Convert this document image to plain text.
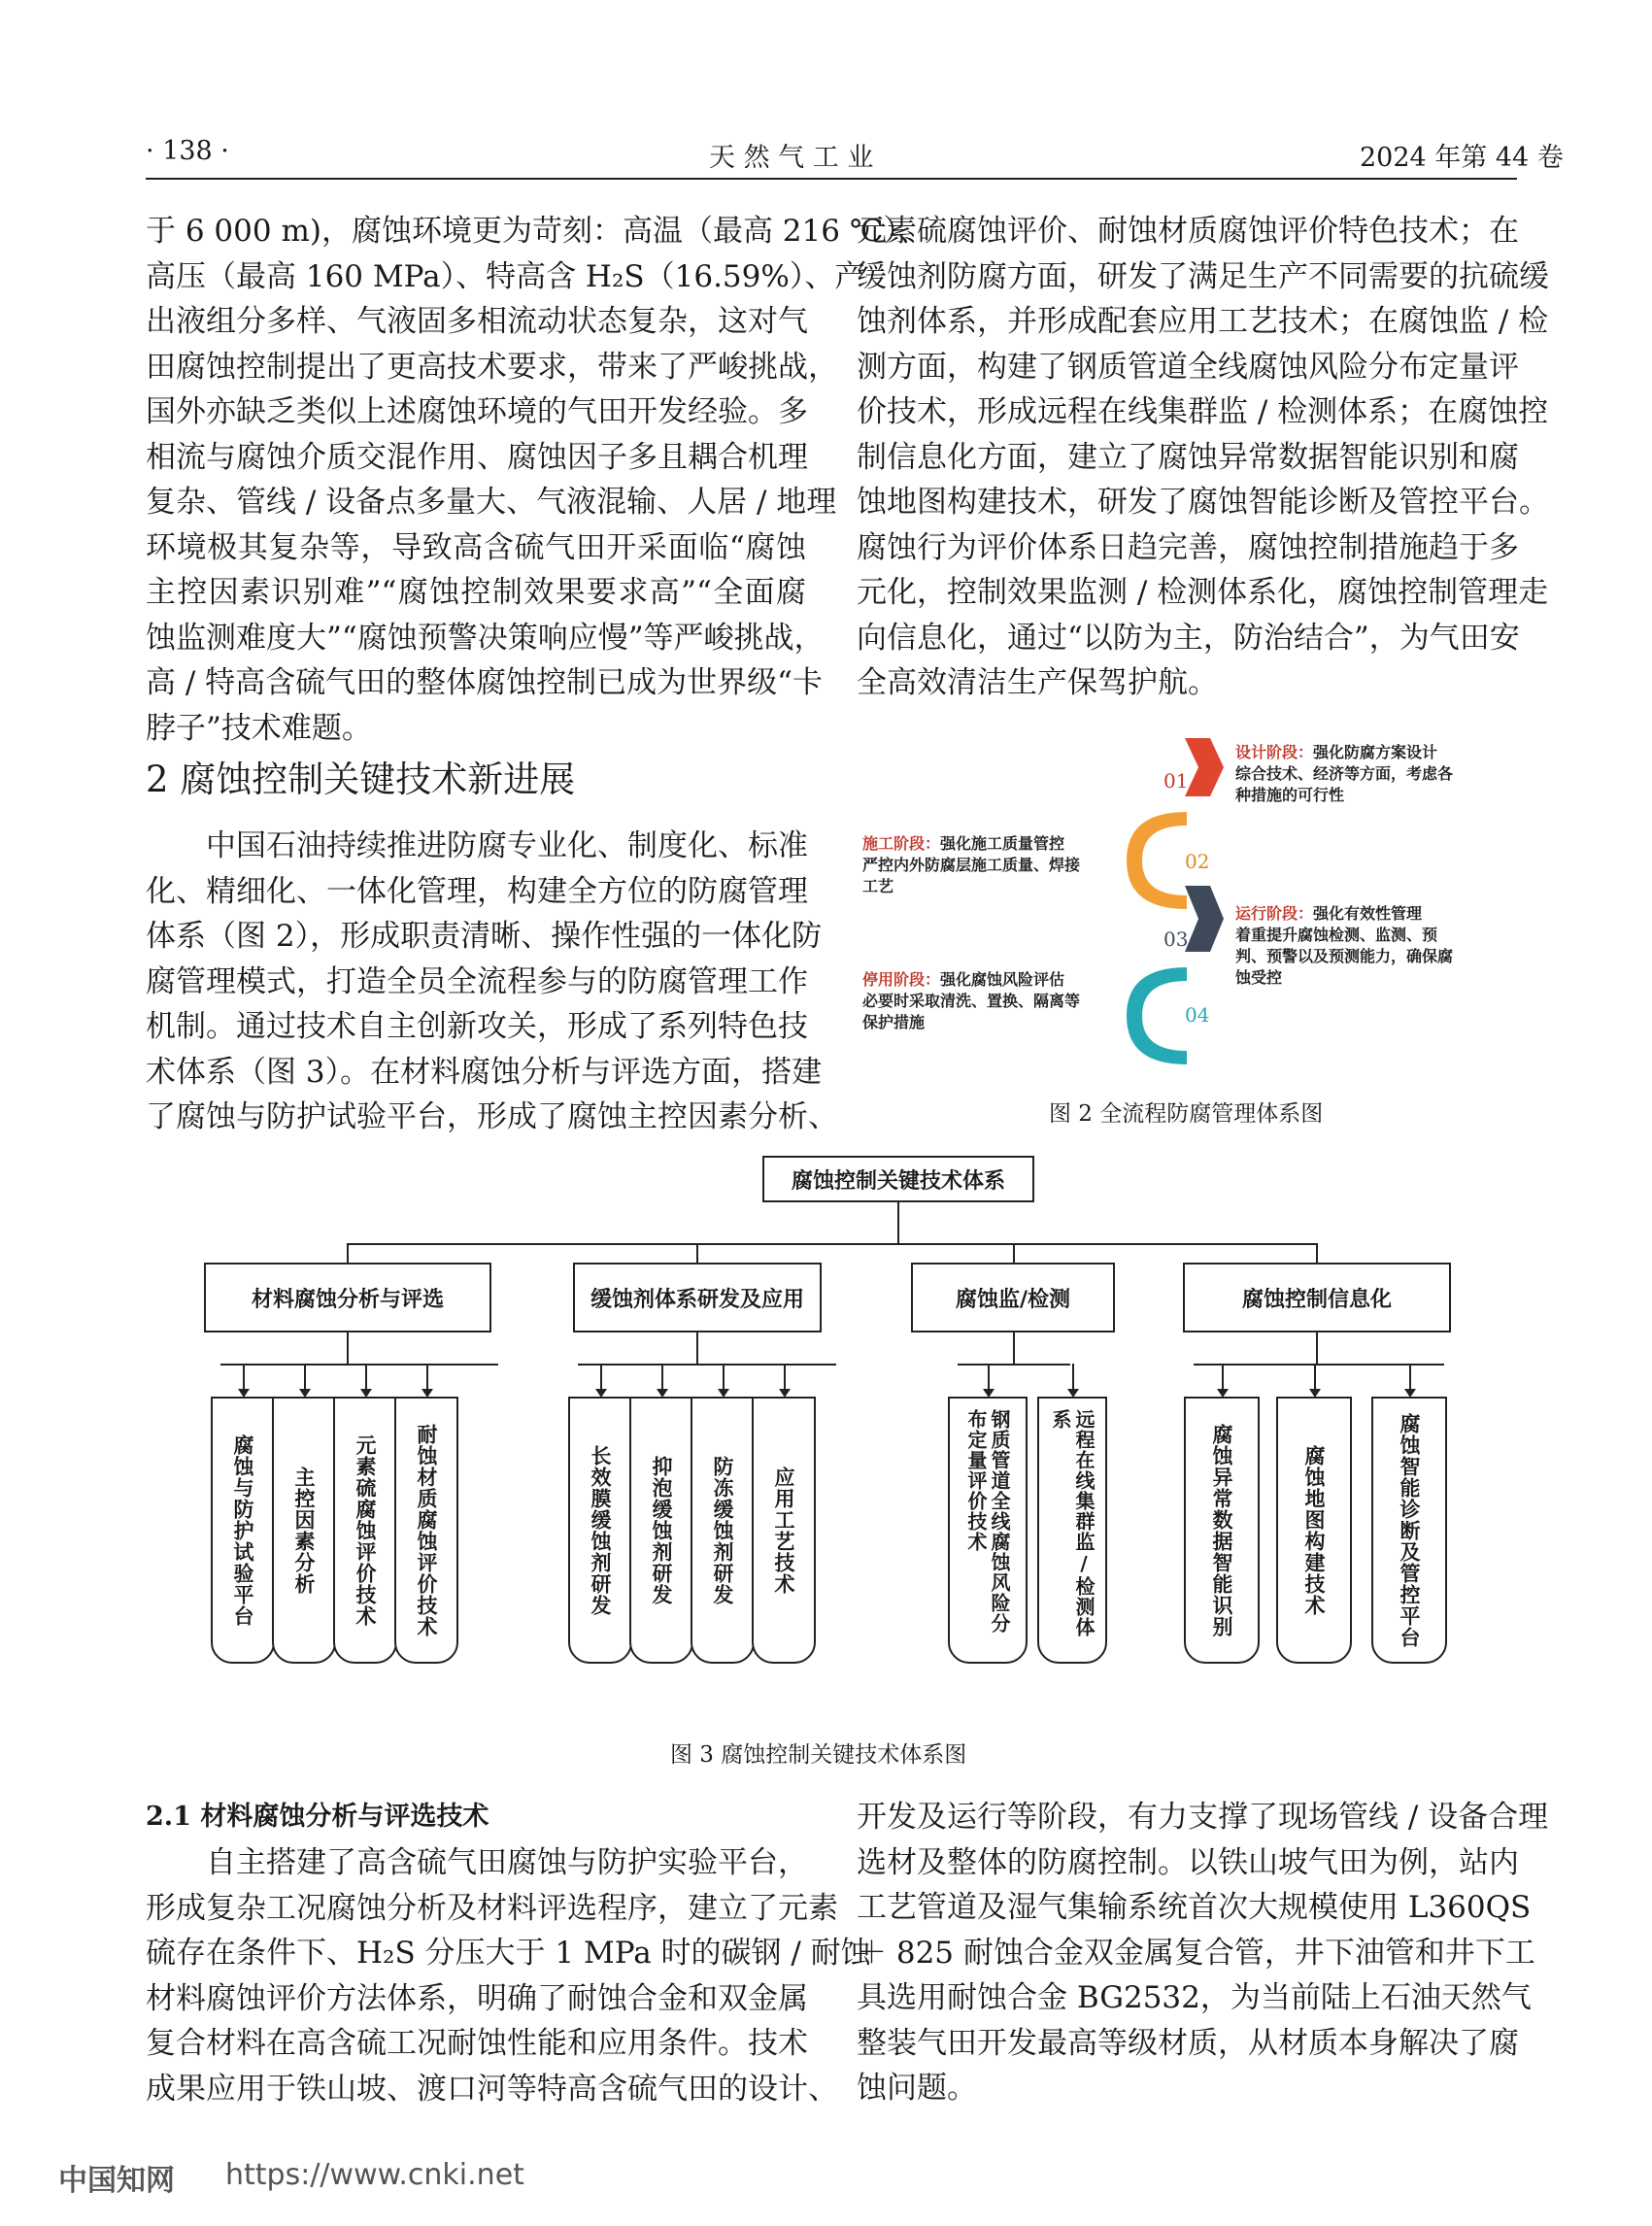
· 138 ·	天 然 气 工 业	2024 年第 44 卷
于 6 000 m)，腐蚀环境更为苛刻：高温（最高 216 ℃）、
高压（最高 160 MPa）、特高含 H₂S（16.59%）、产
出液组分多样、气液固多相流动状态复杂，这对气
田腐蚀控制提出了更高技术要求，带来了严峻挑战，
国外亦缺乏类似上述腐蚀环境的气田开发经验。多
相流与腐蚀介质交混作用、腐蚀因子多且耦合机理
复杂、管线 / 设备点多量大、气液混输、人居 / 地理
环境极其复杂等，导致高含硫气田开采面临“腐蚀
主控因素识别难”“腐蚀控制效果要求高”“全面腐
蚀监测难度大”“腐蚀预警决策响应慢”等严峻挑战，
高 / 特高含硫气田的整体腐蚀控制已成为世界级“卡
脖子”技术难题。
2 腐蚀控制关键技术新进展
中国石油持续推进防腐专业化、制度化、标准
化、精细化、一体化管理，构建全方位的防腐管理
体系（图 2），形成职责清晰、操作性强的一体化防
腐管理模式，打造全员全流程参与的防腐管理工作
机制。通过技术自主创新攻关，形成了系列特色技
术体系（图 3）。在材料腐蚀分析与评选方面，搭建
了腐蚀与防护试验平台，形成了腐蚀主控因素分析、
元素硫腐蚀评价、耐蚀材质腐蚀评价特色技术；在
缓蚀剂防腐方面，研发了满足生产不同需要的抗硫缓
蚀剂体系，并形成配套应用工艺技术；在腐蚀监 / 检
测方面，构建了钢质管道全线腐蚀风险分布定量评
价技术，形成远程在线集群监 / 检测体系；在腐蚀控
制信息化方面，建立了腐蚀异常数据智能识别和腐
蚀地图构建技术，研发了腐蚀智能诊断及管控平台。
腐蚀行为评价体系日趋完善，腐蚀控制措施趋于多
元化，控制效果监测 / 检测体系化，腐蚀控制管理走
向信息化，通过“以防为主，防治结合”，为气田安
全高效清洁生产保驾护航。
01
02
03
04
设计阶段：强化防腐方案设计
综合技术、经济等方面，考虑各
种措施的可行性
施工阶段：强化施工质量管控
严控内外防腐层施工质量、焊接
工艺
运行阶段：强化有效性管理
着重提升腐蚀检测、监测、预
判、预警以及预测能力，确保腐
蚀受控
停用阶段：强化腐蚀风险评估
必要时采取清洗、置换、隔离等
保护措施
图 2 全流程防腐管理体系图
腐蚀控制关键技术体系
材料腐蚀分析与评选	缓蚀剂体系研发及应用	腐蚀监/检测	腐蚀控制信息化
腐蚀与防护试验平台 主控因素分析 元素硫腐蚀评价技术 耐蚀材质腐蚀评价技术	长效膜缓蚀剂研发 抑泡缓蚀剂研发 防冻缓蚀剂研发 应用工艺技术	钢质管道全线腐蚀风险分布定量评价技术	远程在线集群监/检测体系
腐蚀异常数据智能识别	腐蚀地图构建技术	腐蚀智能诊断及管控平台
图 3 腐蚀控制关键技术体系图
2.1 材料腐蚀分析与评选技术
自主搭建了高含硫气田腐蚀与防护实验平台，
形成复杂工况腐蚀分析及材料评选程序，建立了元素
硫存在条件下、H₂S 分压大于 1 MPa 时的碳钢 / 耐蚀
材料腐蚀评价方法体系，明确了耐蚀合金和双金属
复合材料在高含硫工况耐蚀性能和应用条件。技术
成果应用于铁山坡、渡口河等特高含硫气田的设计、
开发及运行等阶段，有力支撑了现场管线 / 设备合理
选材及整体的防腐控制。以铁山坡气田为例，站内
工艺管道及湿气集输系统首次大规模使用 L360QS
＋ 825 耐蚀合金双金属复合管，井下油管和井下工
具选用耐蚀合金 BG2532，为当前陆上石油天然气
整装气田开发最高等级材质，从材质本身解决了腐
蚀问题。
中国知网 https://www.cnki.net
